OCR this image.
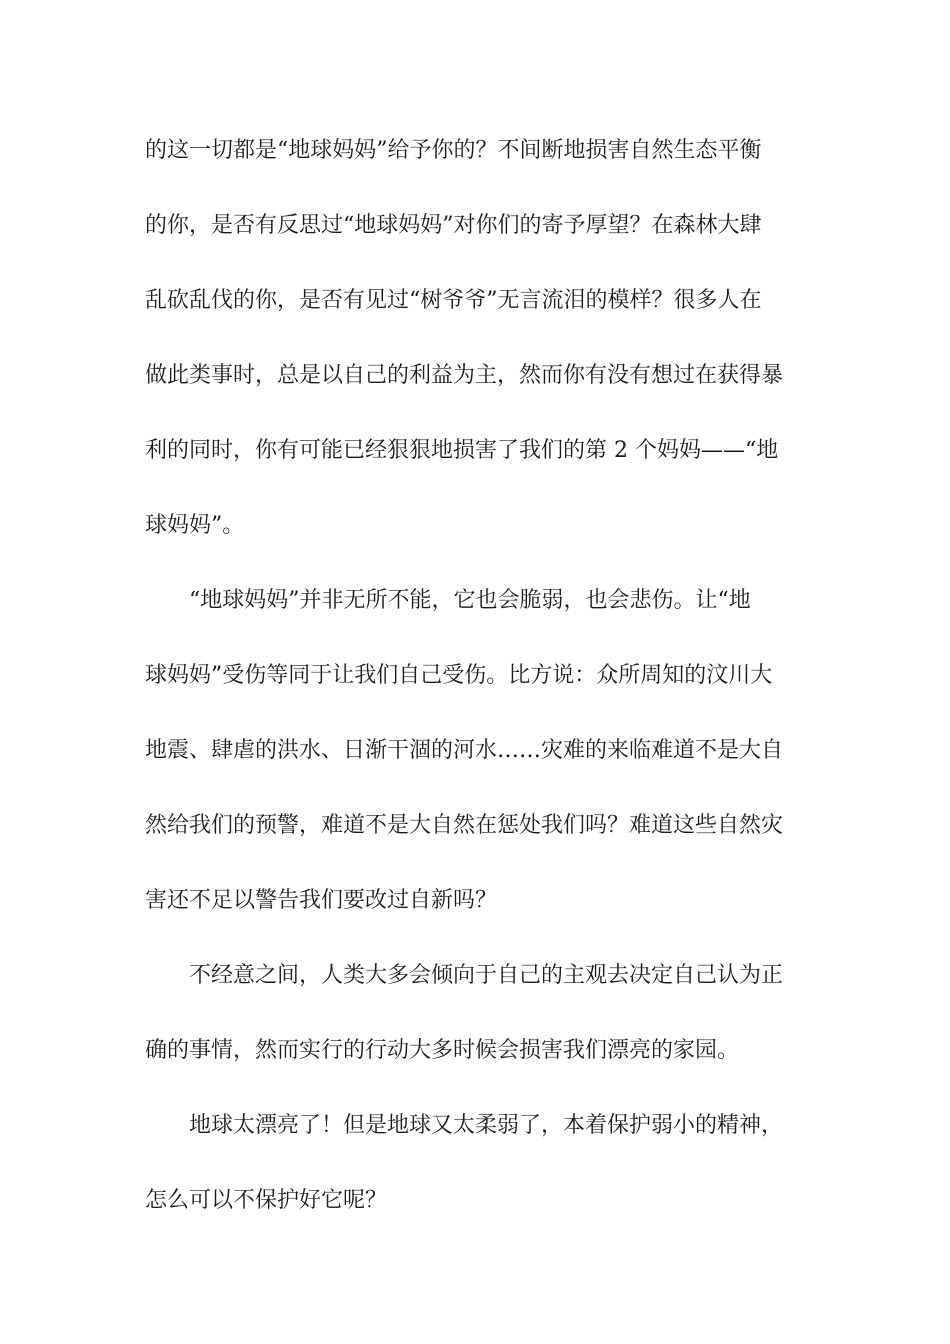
的这一切都是“地球妈妈”给予你的？不间断地损害自然生态平衡
的你，是否有反思过“地球妈妈”对你们的寄予厚望？在森林大肆
乱砍乱伐的你，是否有见过“树爷爷”无言流泪的模样？很多人在
做此类事时，总是以自己的利益为主，然而你有没有想过在获得暴
利的同时，你有可能已经狠狠地损害了我们的第 2 个妈妈——“地
球妈妈”。
“地球妈妈”并非无所不能，它也会脆弱，也会悲伤。让“地
球妈妈”受伤等同于让我们自己受伤。比方说：众所周知的汶川大
地震、肆虐的洪水、日渐干涸的河水……灾难的来临难道不是大自
然给我们的预警，难道不是大自然在惩处我们吗？难道这些自然灾
害还不足以警告我们要改过自新吗？
不经意之间，人类大多会倾向于自己的主观去决定自己认为正
确的事情，然而实行的行动大多时候会损害我们漂亮的家园。
地球太漂亮了！但是地球又太柔弱了，本着保护弱小的精神，
怎么可以不保护好它呢？
